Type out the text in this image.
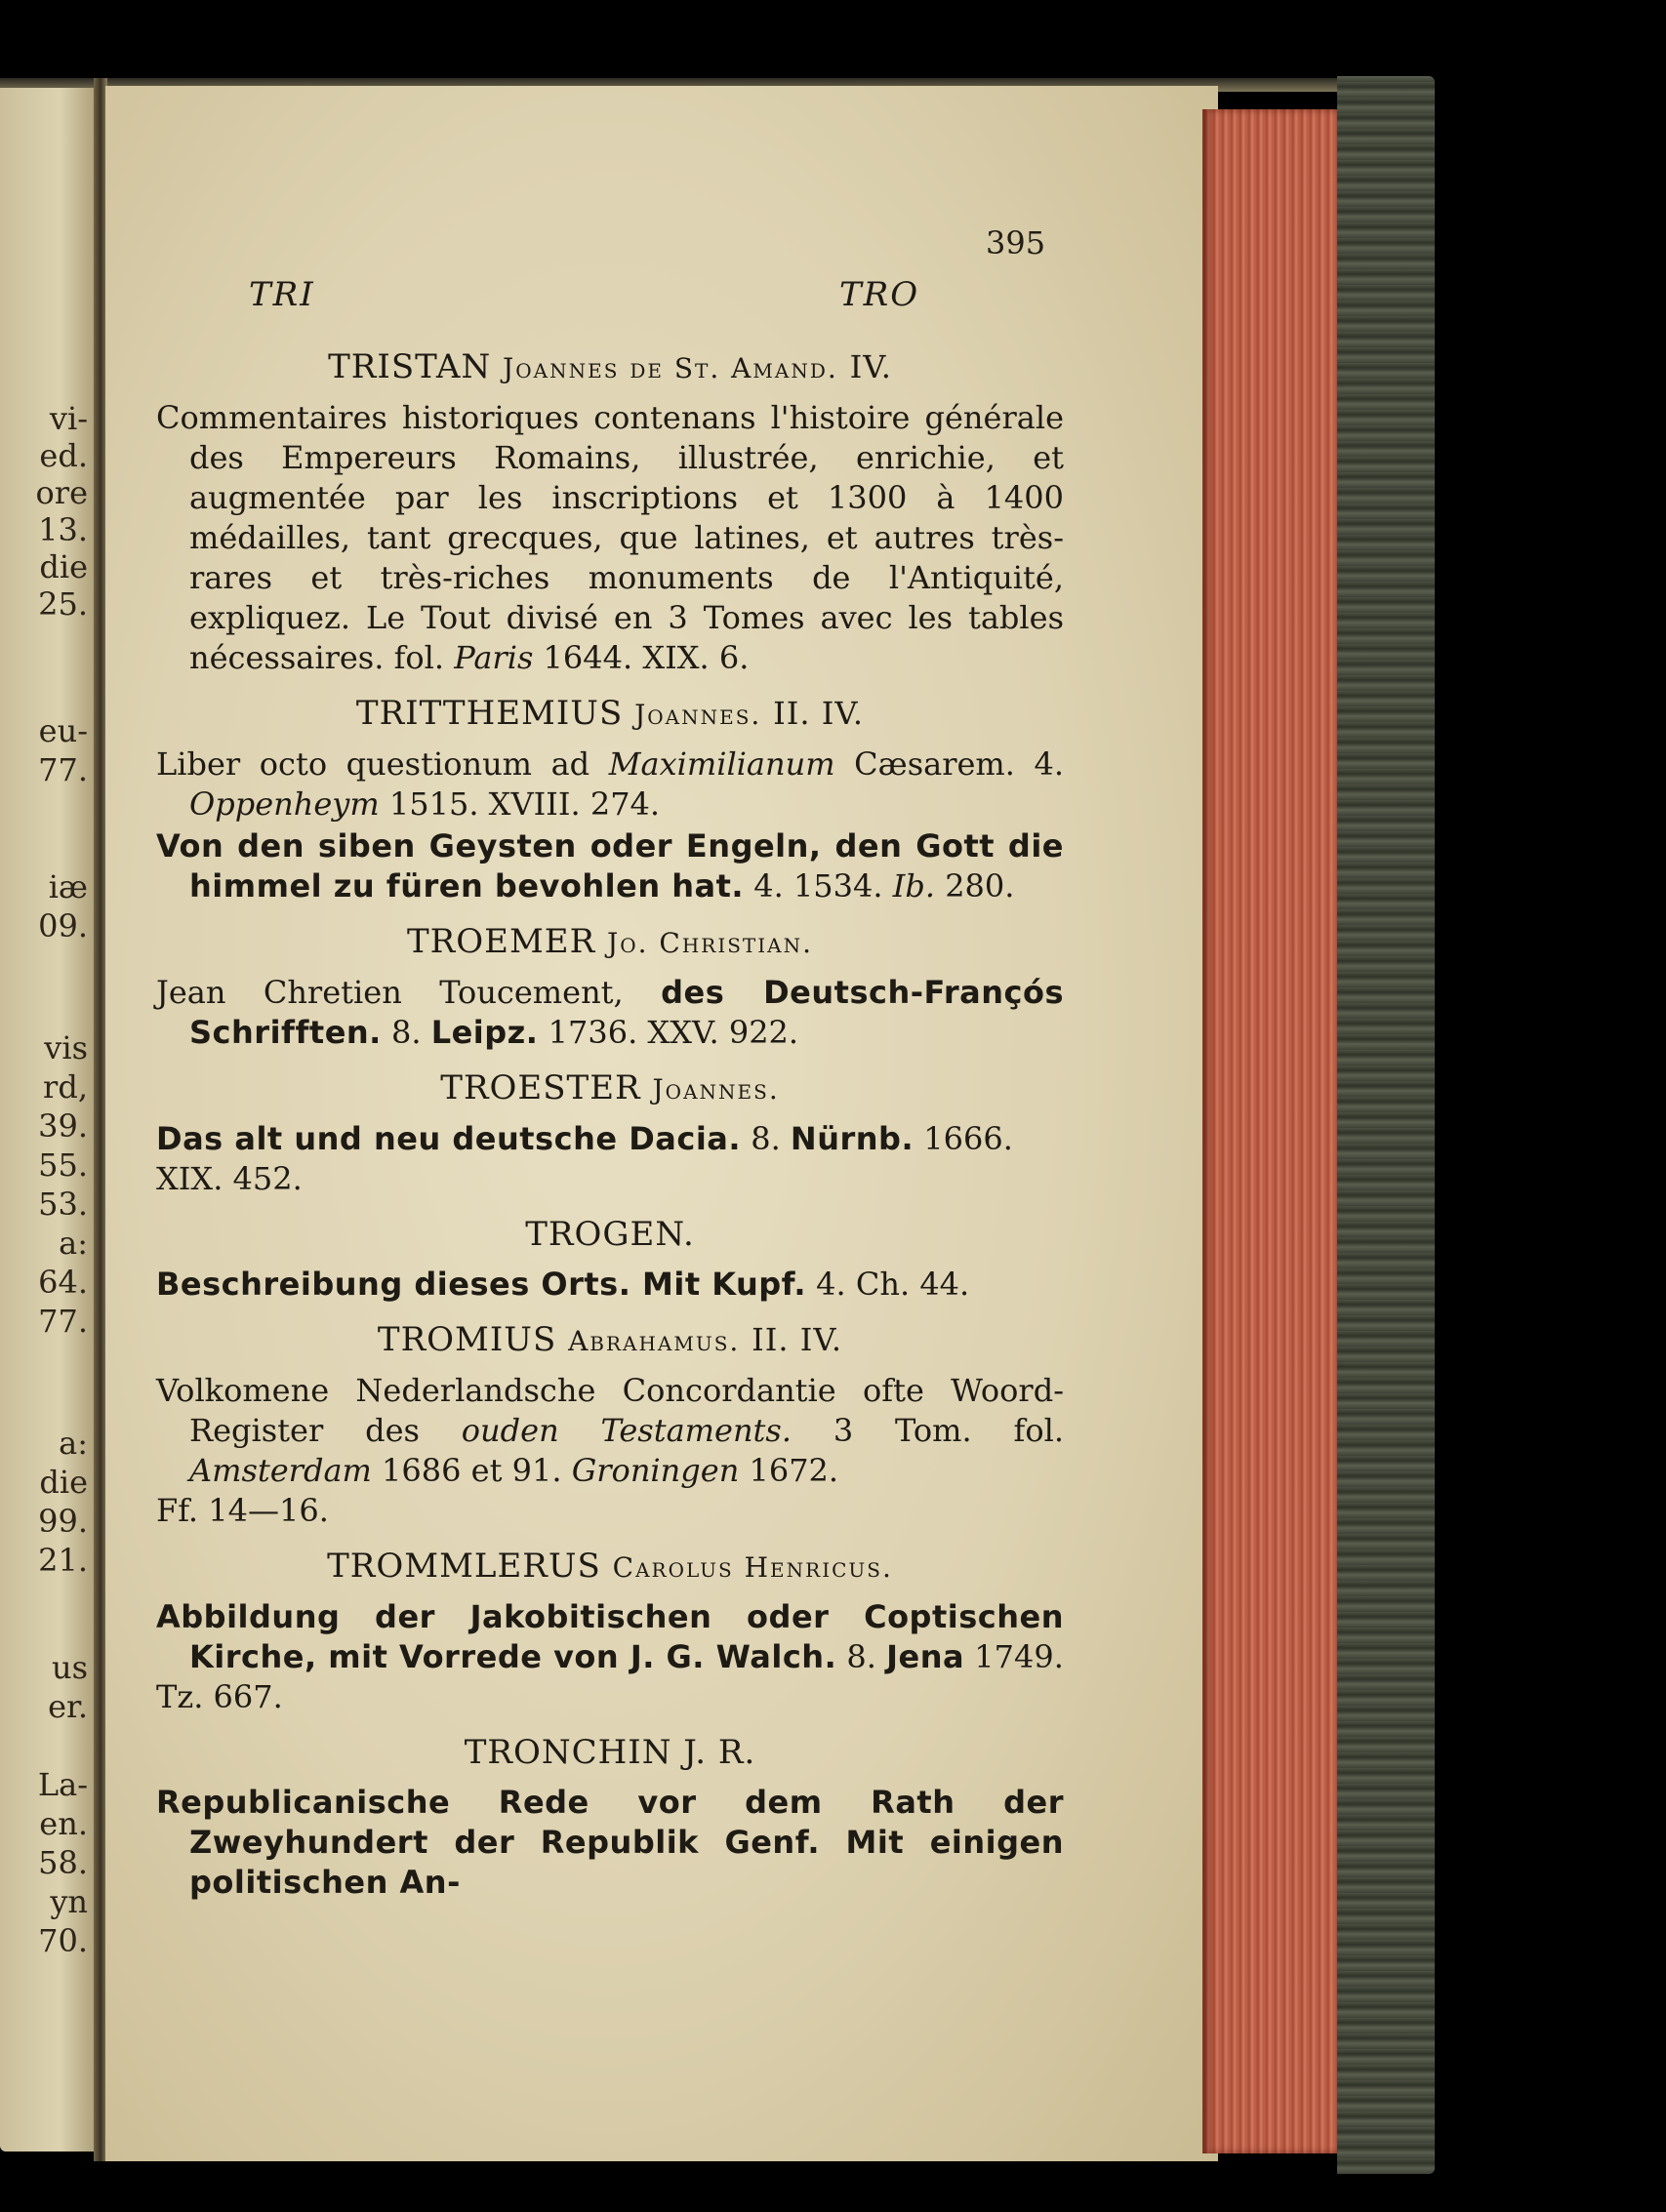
vi-
ed.
ore
13.
die
25.
eu-
77.
iæ
09.
vis
rd,
39.
55.
53.
a:
64.
77.
a:
die
99.
21.
us
er.
La-
en.
58.
yn
70.
395
TRI	TRO
TRISTAN Joannes de St. Amand. IV.
Commentaires historiques contenans l'histoire générale des Empereurs Romains, illustrée, enrichie, et augmentée par les inscriptions et 1300 à 1400 médailles, tant grecques, que latines, et autres très-rares et très-riches monuments de l'Antiquité, expliquez. Le Tout divisé en 3 Tomes avec les tables nécessaires. fol. Paris 1644. XIX. 6.
TRITTHEMIUS Joannes. II. IV.
Liber octo questionum ad Maximilianum Cæsarem. 4. Oppenheym 1515. XVIII. 274.
Von den siben Geysten oder Engeln, den Gott die himmel zu füren bevohlen hat. 4. 1534. Ib. 280.
TROEMER Jo. Christian.
Jean Chretien Toucement, des Deutsch-Françós Schrifften. 8. Leipz. 1736. XXV. 922.
TROESTER Joannes.
Das alt und neu deutsche Dacia. 8. Nürnb. 1666.
XIX. 452.
TROGEN.
Beschreibung dieses Orts. Mit Kupf. 4. Ch. 44.
TROMIUS Abrahamus. II. IV.
Volkomene Nederlandsche Concordantie ofte Woord-Register des ouden Testaments. 3 Tom. fol. Amsterdam 1686 et 91. Groningen 1672.
Ff. 14—16.
TROMMLERUS Carolus Henricus.
Abbildung der Jakobitischen oder Coptischen Kirche, mit Vorrede von J. G. Walch. 8. Jena 1749.
Tz. 667.
TRONCHIN J. R.
Republicanische Rede vor dem Rath der Zweyhundert der Republik Genf. Mit einigen politischen An-
